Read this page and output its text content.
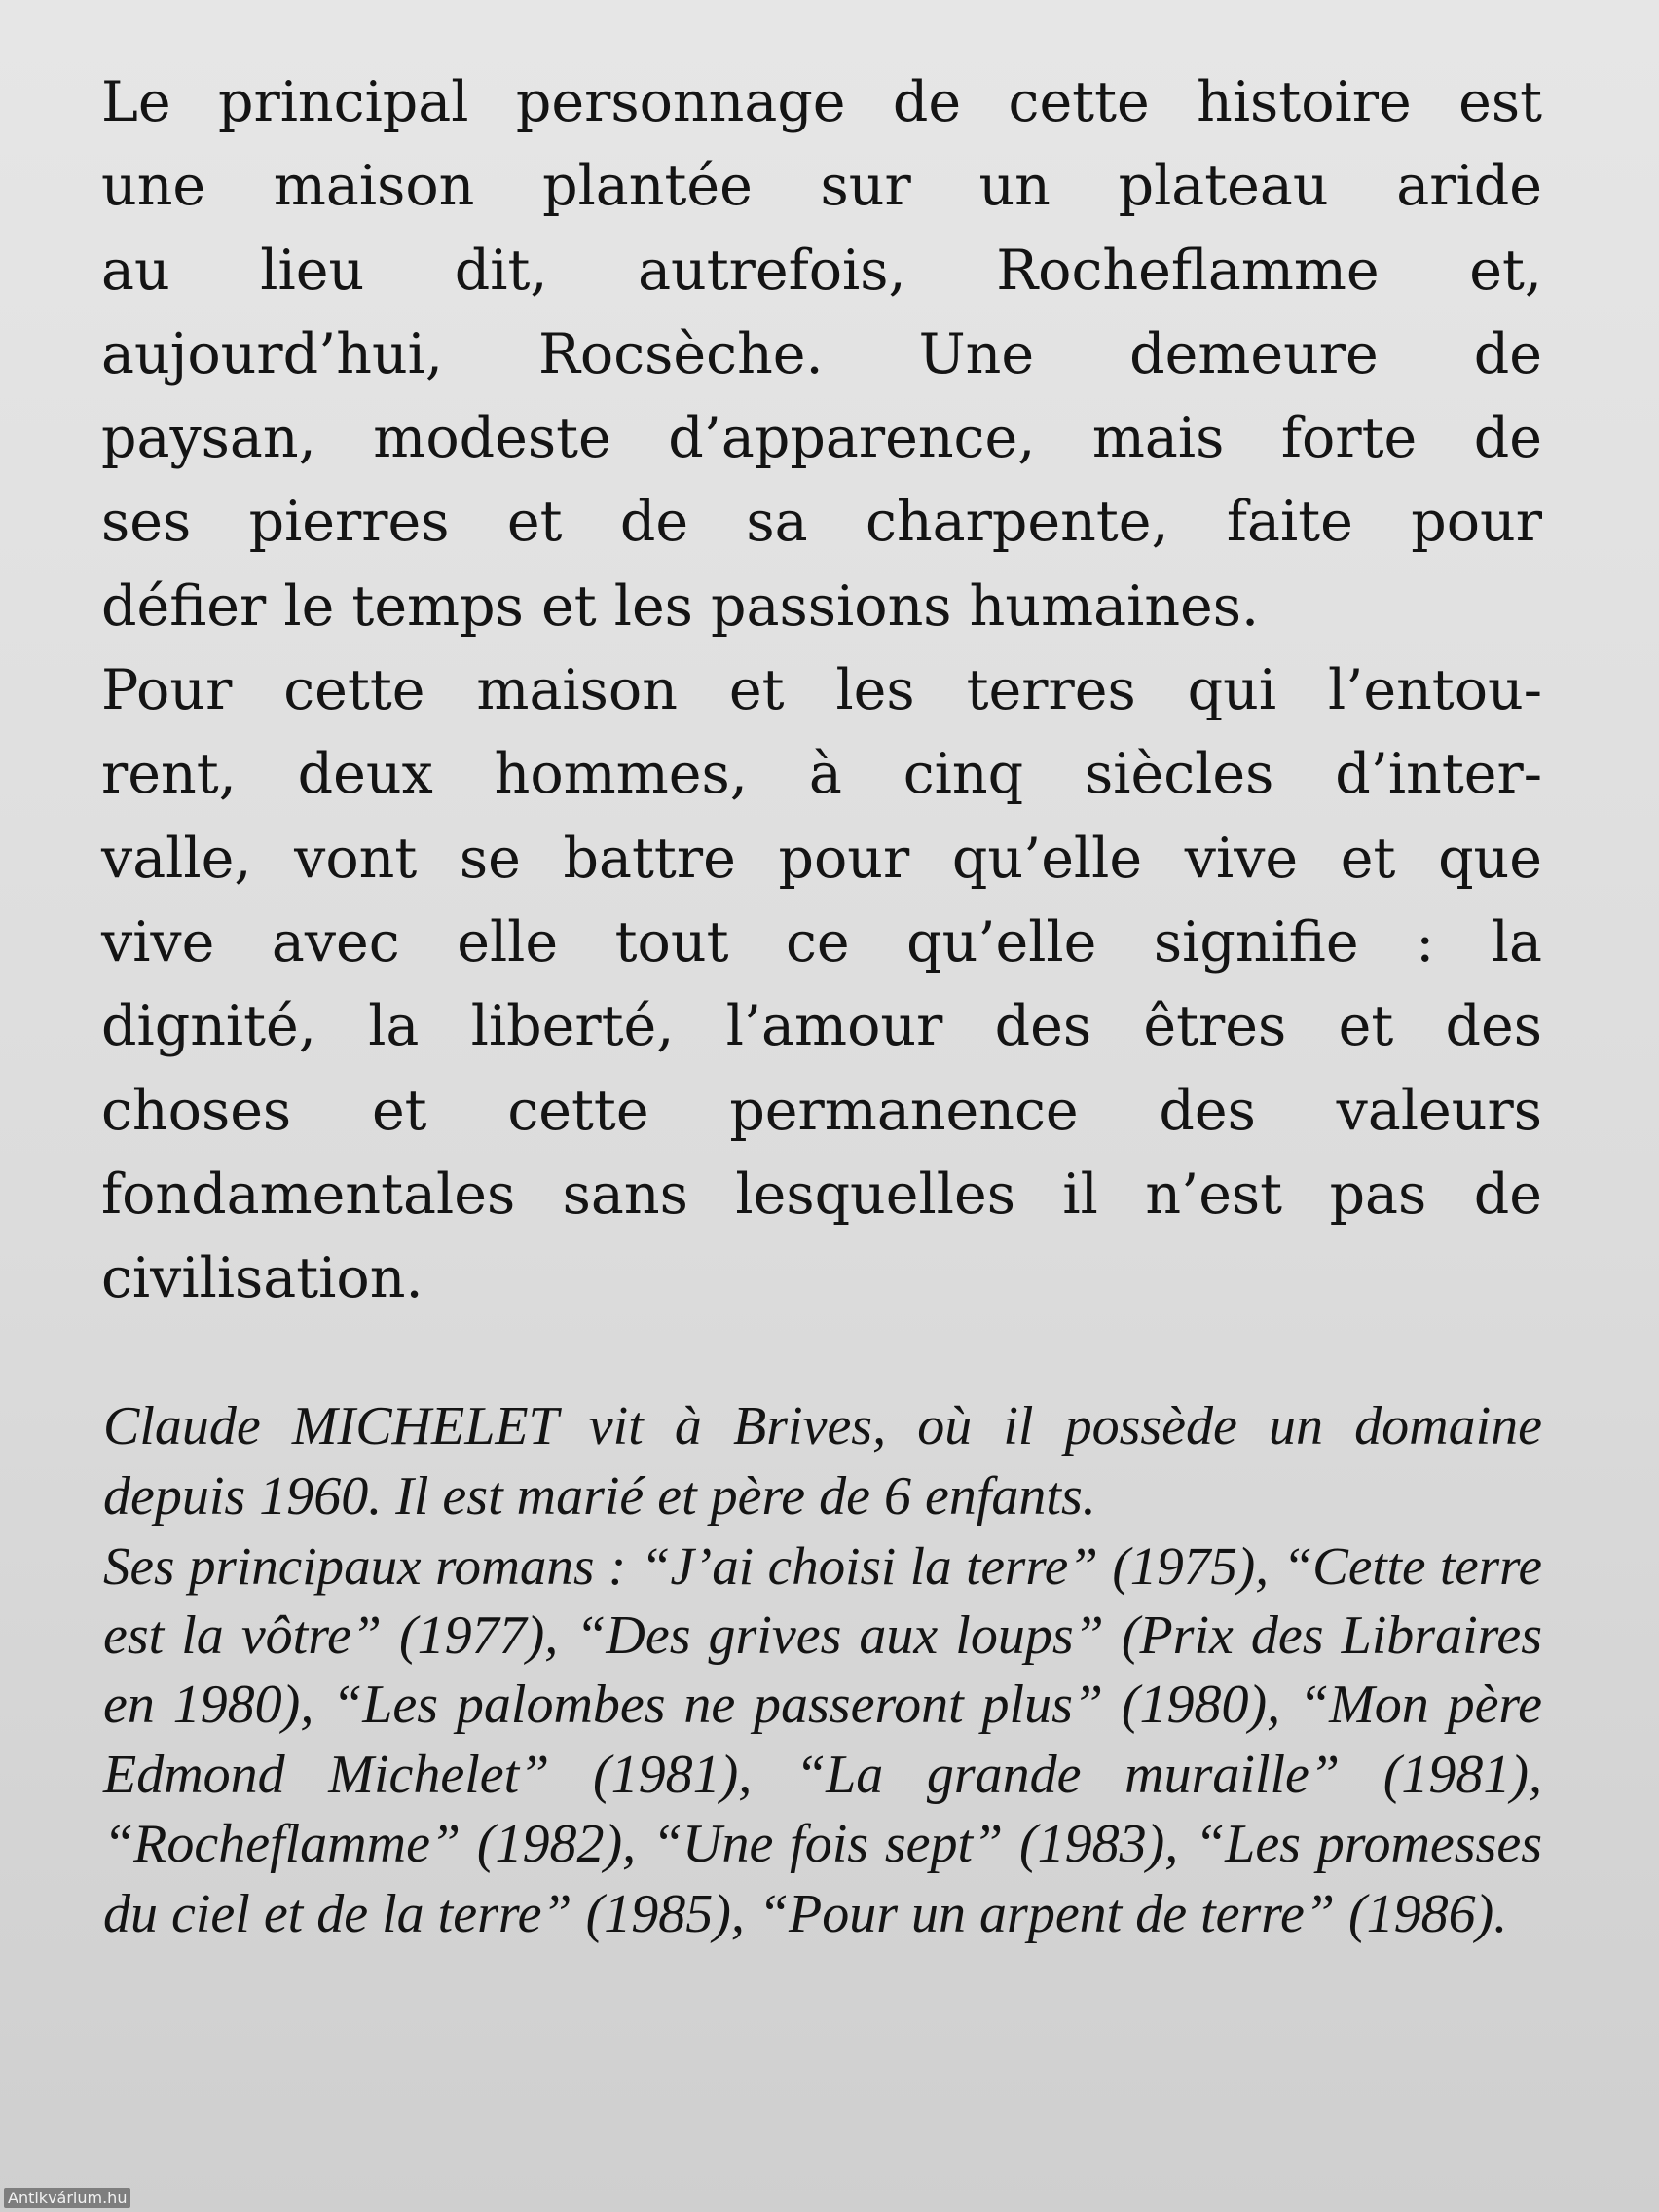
Le principal personnage de cette histoire est
une maison plantée sur un plateau aride
au lieu dit, autrefois, Rocheflamme et,
aujourd’hui, Rocsèche. Une demeure de
paysan, modeste d’apparence, mais forte de
ses pierres et de sa charpente, faite pour
défier le temps et les passions humaines.
Pour cette maison et les terres qui l’entou-
rent, deux hommes, à cinq siècles d’inter-
valle, vont se battre pour qu’elle vive et que
vive avec elle tout ce qu’elle signifie : la
dignité, la liberté, l’amour des êtres et des
choses et cette permanence des valeurs
fondamentales sans lesquelles il n’est pas de
civilisation.
Claude MICHELET vit à Brives, où il possède un domaine
depuis 1960. Il est marié et père de 6 enfants.
Ses principaux romans : “J’ai choisi la terre” (1975), “Cette terre
est la vôtre” (1977), “Des grives aux loups” (Prix des Libraires
en 1980), “Les palombes ne passeront plus” (1980), “Mon père
Edmond Michelet” (1981), “La grande muraille” (1981),
“Rocheflamme” (1982), “Une fois sept” (1983), “Les promesses
du ciel et de la terre” (1985), “Pour un arpent de terre” (1986).
Antikvárium.hu
